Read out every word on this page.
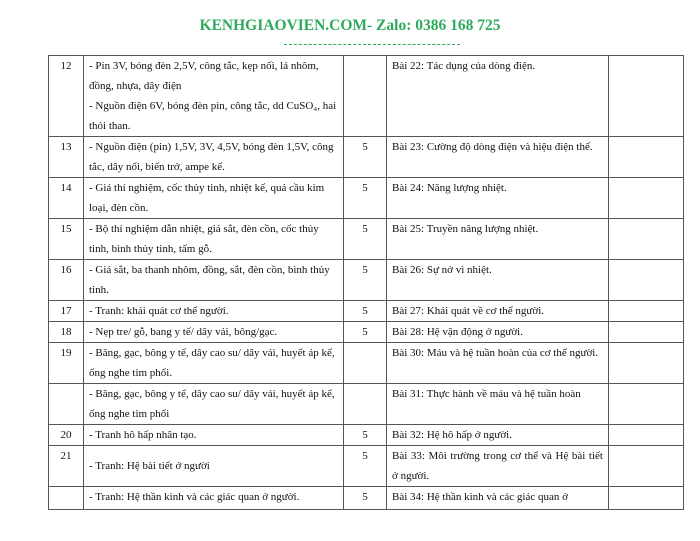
KENHGIAOVIEN.COM- Zalo: 0386 168 725
12	- Pin 3V, bóng đèn 2,5V, công tắc, kẹp nối, lá nhôm, đồng, nhựa, dây điện
- Nguồn điện 6V, bóng đèn pin, công tắc, dd CuSO₄, hai thỏi than.		Bài 22: Tác dụng của dòng điện.	
13	- Nguồn điện (pin) 1,5V, 3V, 4,5V, bóng đèn 1,5V, công tắc, dây nối, biến trở, ampe kế.	5	Bài 23: Cường độ dòng điện và hiệu điện thế.	
14	- Giá thí nghiệm, cốc thủy tinh, nhiệt kế, quả cầu kim loại, đèn cồn.	5	Bài 24: Năng lượng nhiệt.	
15	- Bộ thí nghiệm dẫn nhiệt, giá sắt, đèn cồn, cốc thủy tinh, bình thủy tinh, tấm gỗ.	5	Bài 25: Truyền năng lượng nhiệt.	
16	- Giá sắt, ba thanh nhôm, đồng, sắt, đèn cồn, bình thủy tinh.	5	Bài 26: Sự nở vì nhiệt.	
17	- Tranh: khái quát cơ thể người.	5	Bài 27: Khái quát về cơ thể người.	
18	- Nẹp tre/ gỗ, bang y tế/ dây vải, bông/gạc.	5	Bài 28: Hệ vận động ở người.	
19	- Băng, gạc, bông y tế, dây cao su/ dây vải, huyết áp kế, ống nghe tim phổi.		Bài 30: Máu và hệ tuần hoàn của cơ thể người.	

	- Băng, gạc, bông y tế, dây cao su/ dây vải, huyết áp kế, ống nghe tim phổi		Bài 31: Thực hành về máu và hệ tuần hoàn	
20	- Tranh hô hấp nhân tạo.	5	Bài 32: Hệ hô hấp ở người.	
21	- Tranh: Hệ bài tiết ở người	5	Bài 33: Môi trường trong cơ thể và Hệ bài tiết ở người.	

	- Tranh: Hệ thần kinh và các giác quan ở người.	5	Bài 34: Hệ thần kinh và các giác quan ở	
